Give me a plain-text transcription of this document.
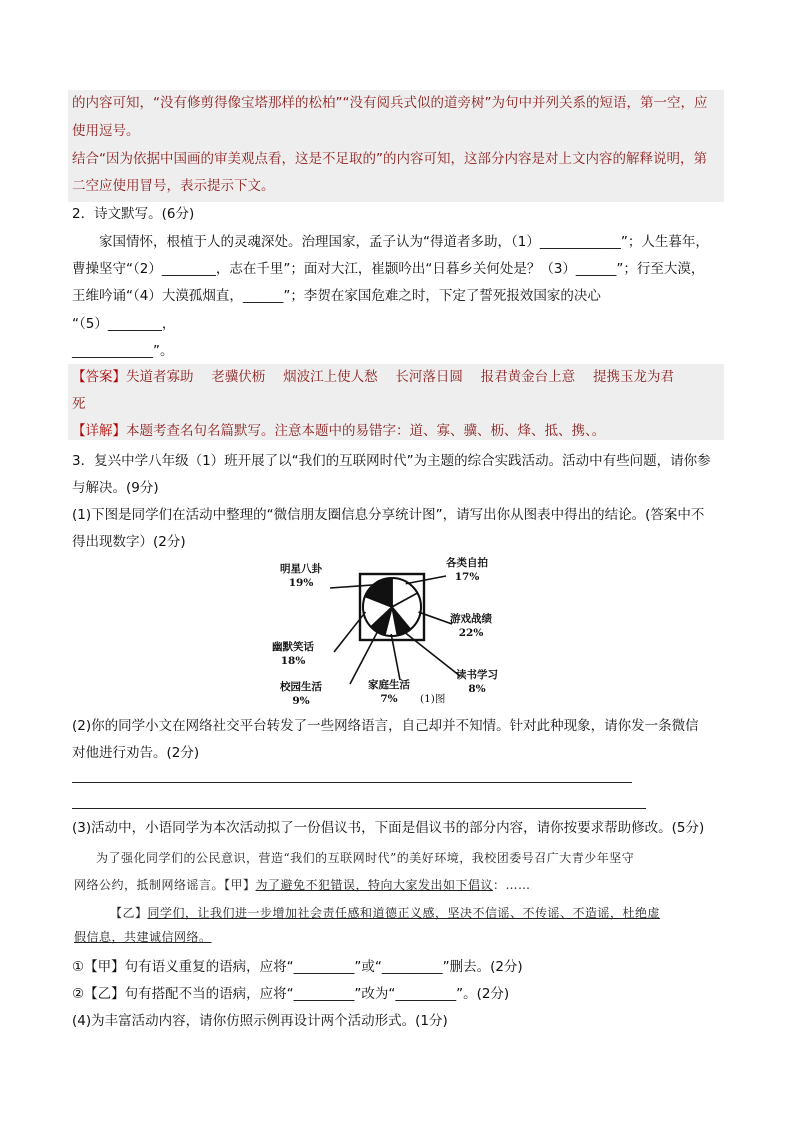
的内容可知，“没有修剪得像宝塔那样的松柏”“没有阅兵式似的道旁树”为句中并列关系的短语，第一空，应
使用逗号。
结合“因为依据中国画的审美观点看，这是不足取的”的内容可知，这部分内容是对上文内容的解释说明，第
二空应使用冒号，表示提示下文。
2．诗文默写。(6分)
家国情怀，根植于人的灵魂深处。治理国家，孟子认为“得道者多助，（1）____________”；人生暮年，
曹操坚守“（2）________，志在千里”；面对大江，崔颢吟出“日暮乡关何处是？（3）______”；行至大漠，
王维吟诵“（4）大漠孤烟直，______”；李贺在家国危难之时，下定了誓死报效国家的决心
“（5）________，
____________”。
【答案】失道者寡助　 老骥伏枥　 烟波江上使人愁　 长河落日圆　 报君黄金台上意　 提携玉龙为君
死
【详解】本题考查名句名篇默写。注意本题中的易错字：道、寡、骥、枥、烽、抵、携、。
3．复兴中学八年级（1）班开展了以“我们的互联网时代”为主题的综合实践活动。活动中有些问题，请你参
与解决。(9分)
(1)下图是同学们在活动中整理的“微信朋友圈信息分享统计图”，请写出你从图表中得出的结论。(答案中不
得出现数字）(2分)
明星八卦
19%
各类自拍
17%
游戏战绩
22%
幽默笑话
18%
读书学习
8%
校园生活
9%
家庭生活
7%	(1)图
(2)你的同学小文在网络社交平台转发了一些网络语言，自己却并不知情。针对此种现象，请你发一条微信
对他进行劝告。(2分)
(3)活动中，小语同学为本次活动拟了一份倡议书，下面是倡议书的部分内容，请你按要求帮助修改。(5分)
为了强化同学们的公民意识，营造“我们的互联网时代”的美好环境，我校团委号召广大青少年坚守
网络公约，抵制网络谣言。【甲】为了避免不犯错误，特向大家发出如下倡议：……
【乙】同学们，让我们进一步增加社会责任感和道德正义感，坚决不信谣、不传谣、不造谣，杜绝虚
假信息，共建诚信网络。
①【甲】句有语义重复的语病，应将“_________”或“_________”删去。(2分)
②【乙】句有搭配不当的语病，应将“_________”改为“_________”。(2分)
(4)为丰富活动内容，请你仿照示例再设计两个活动形式。(1分)
